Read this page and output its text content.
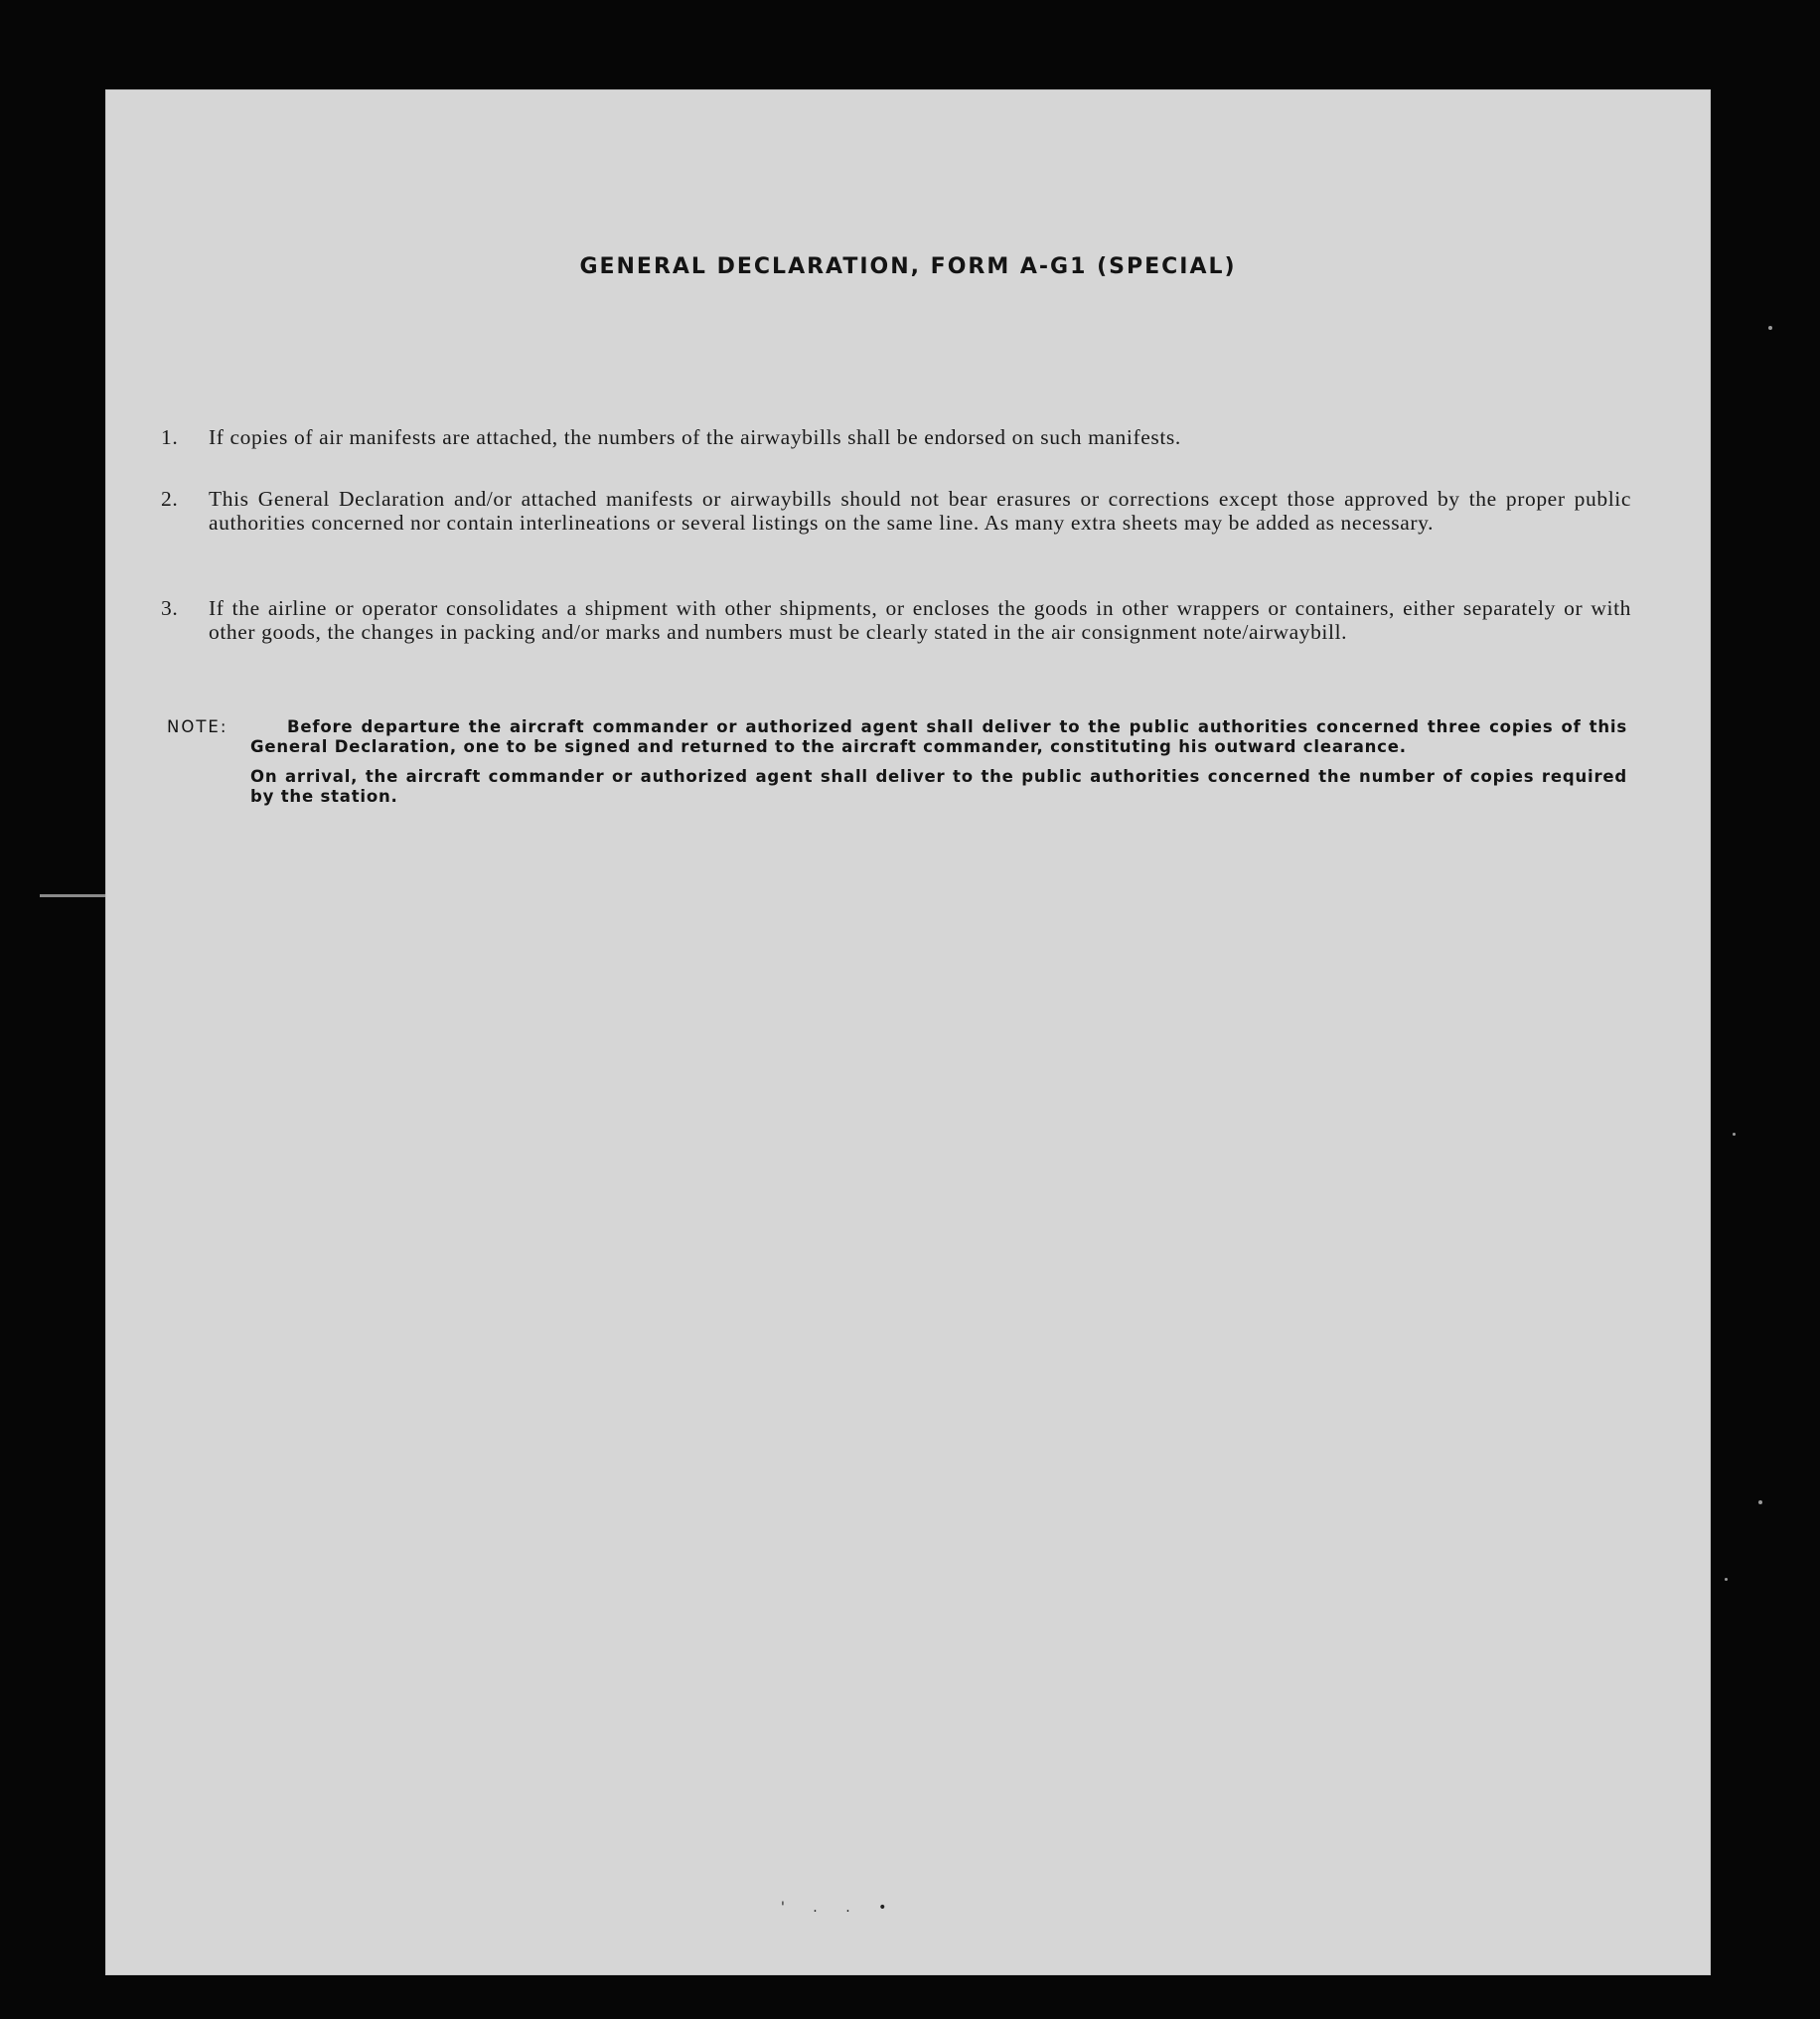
GENERAL DECLARATION, FORM A-G1 (SPECIAL)
1.	If copies of air manifests are attached, the numbers of the airwaybills shall be endorsed on such manifests.
2.	This General Declaration and/or attached manifests or airwaybills should not bear erasures or corrections except those approved by the proper public authorities concerned nor contain interlineations or several listings on the same line. As many extra sheets may be added as necessary.
3.	If the airline or operator consolidates a shipment with other shipments, or encloses the goods in other wrappers or containers, either separately or with other goods, the changes in packing and/or marks and numbers must be clearly stated in the air consignment note/airwaybill.
NOTE:	Before departure the aircraft commander or authorized agent shall deliver to the public authorities concerned three copies of this General Declaration, one to be signed and returned to the aircraft commander, constituting his outward clearance.
On arrival, the aircraft commander or authorized agent shall deliver to the public authorities concerned the number of copies required by the station.
' . . •
